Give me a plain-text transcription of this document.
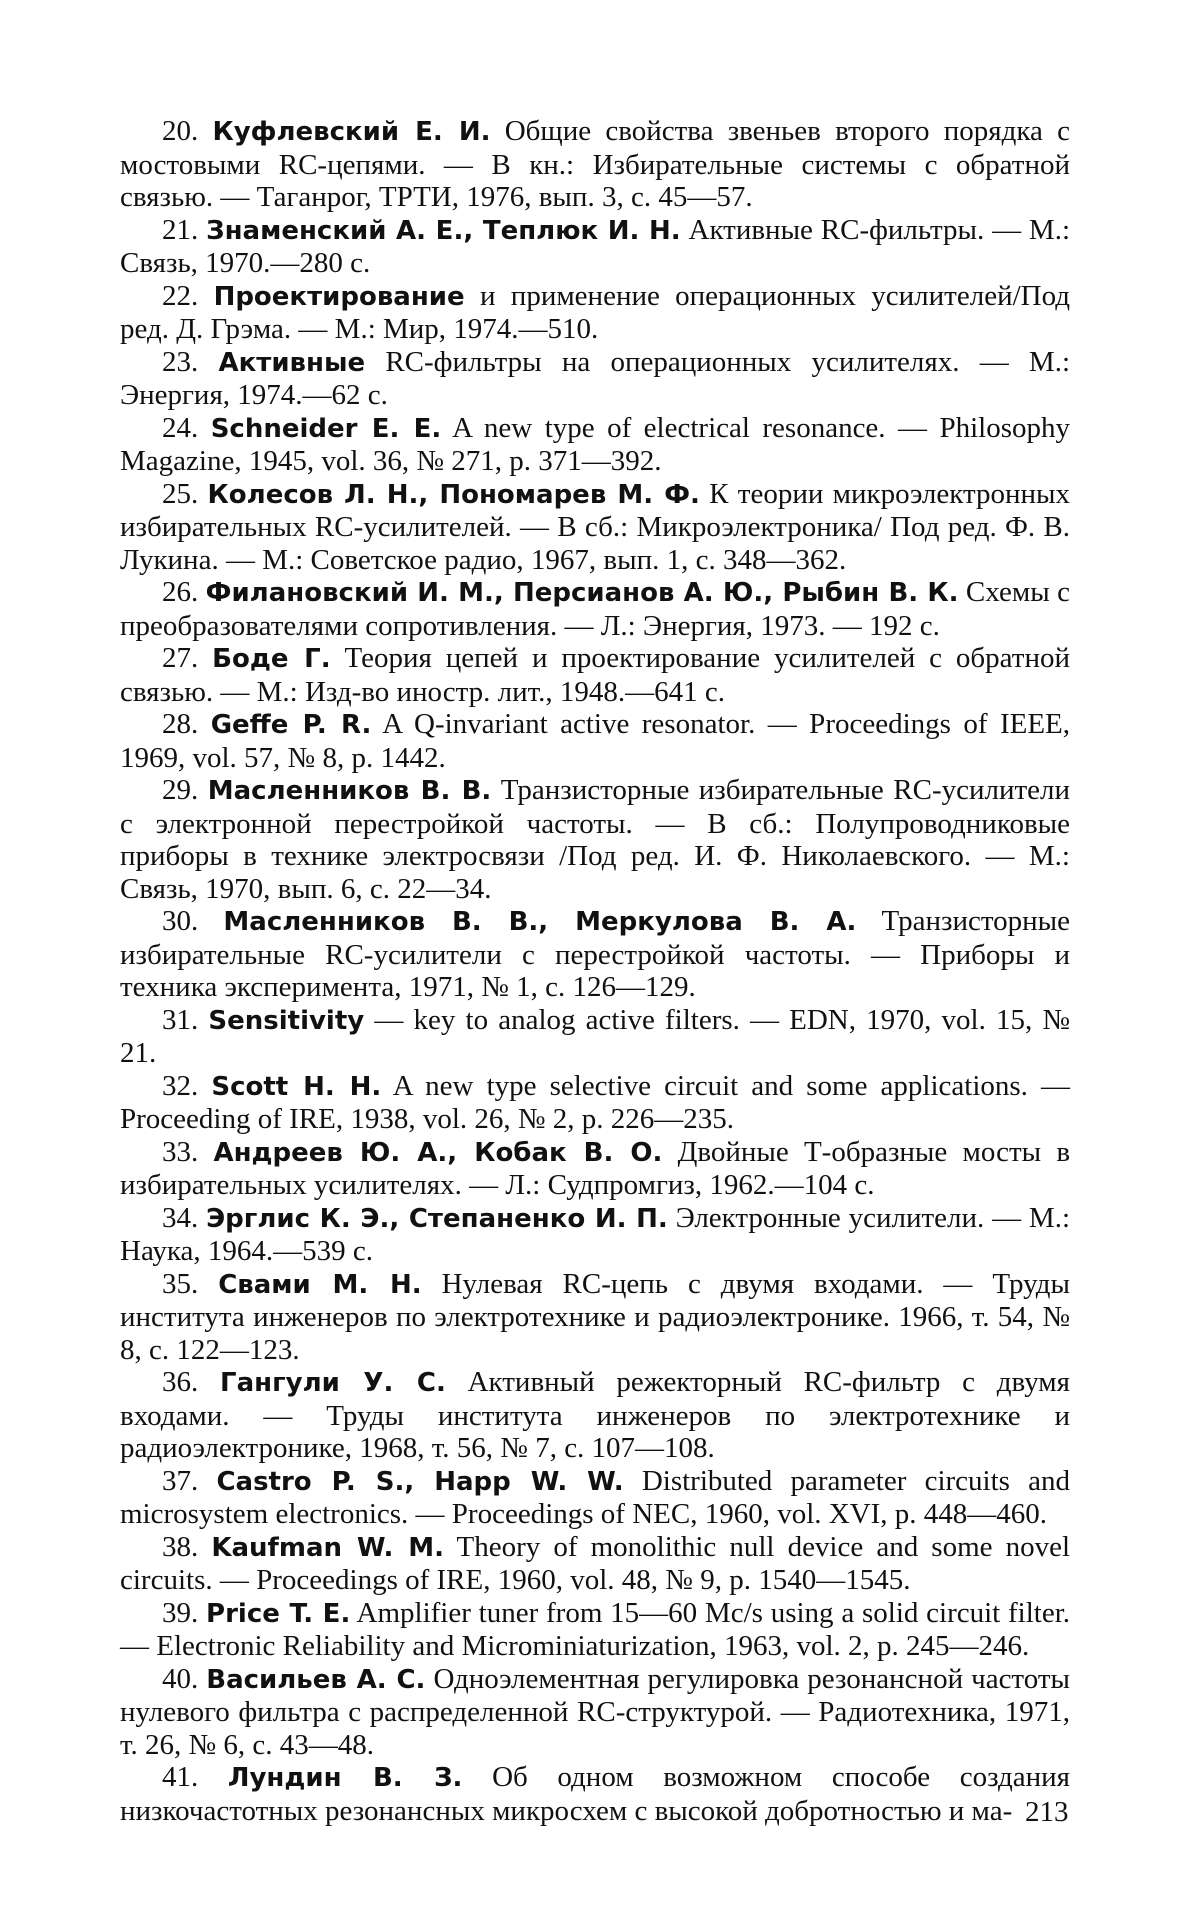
20. Куфлевский Е. И. Общие свойства звеньев второго порядка с мостовыми RC-цепями. — В кн.: Избирательные системы с обратной связью. — Таганрог, ТРТИ, 1976, вып. 3, с. 45—57.

21. Знаменский А. Е., Теплюк И. Н. Активные RC-фильтры. — М.: Связь, 1970.—280 с.

22. Проектирование и применение операционных усилителей/Под ред. Д. Грэма. — М.: Мир, 1974.—510.

23. Активные RC-фильтры на операционных усилителях. — М.: Энергия, 1974.—62 с.

24. Schneider E. E. A new type of electrical resonance. — Philosophy Magazine, 1945, vol. 36, № 271, p. 371—392.

25. Колесов Л. Н., Пономарев М. Ф. К теории микроэлектронных избирательных RC-усилителей. — В сб.: Микроэлектроника/ Под ред. Ф. В. Лукина. — М.: Советское радио, 1967, вып. 1, с. 348—362.

26. Филановский И. М., Персианов А. Ю., Рыбин В. К. Схемы с преобразователями сопротивления. — Л.: Энергия, 1973. — 192 с.

27. Боде Г. Теория цепей и проектирование усилителей с обратной связью. — М.: Изд-во иностр. лит., 1948.—641 с.

28. Geffe P. R. A Q-invariant active resonator. — Proceedings of IEEE, 1969, vol. 57, № 8, p. 1442.

29. Масленников В. В. Транзисторные избирательные RC-усилители с электронной перестройкой частоты. — В сб.: Полупроводниковые приборы в технике электросвязи /Под ред. И. Ф. Николаевского. — М.: Связь, 1970, вып. 6, с. 22—34.

30. Масленников В. В., Меркулова В. А. Транзисторные избирательные RC-усилители с перестройкой частоты. — Приборы и техника эксперимента, 1971, № 1, с. 126—129.

31. Sensitivity — key to analog active filters. — EDN, 1970, vol. 15, № 21.

32. Scott H. H. A new type selective circuit and some applications. — Proceeding of IRE, 1938, vol. 26, № 2, p. 226—235.

33. Андреев Ю. А., Кобак В. О. Двойные Т-образные мосты в избирательных усилителях. — Л.: Судпромгиз, 1962.—104 с.

34. Эрглис К. Э., Степаненко И. П. Электронные усилители. — М.: Наука, 1964.—539 с.

35. Свами М. Н. Нулевая RC-цепь с двумя входами. — Труды института инженеров по электротехнике и радиоэлектронике. 1966, т. 54, № 8, с. 122—123.

36. Гангули У. С. Активный режекторный RC-фильтр с двумя входами. — Труды института инженеров по электротехнике и радиоэлектронике, 1968, т. 56, № 7, с. 107—108.

37. Castro P. S., Happ W. W. Distributed parameter circuits and microsystem electronics. — Proceedings of NEC, 1960, vol. XVI, p. 448—460.

38. Kaufman W. M. Theory of monolithic null device and some novel circuits. — Proceedings of IRE, 1960, vol. 48, № 9, p. 1540—1545.

39. Price T. E. Amplifier tuner from 15—60 Mc/s using a solid circuit filter. — Electronic Reliability and Microminiaturization, 1963, vol. 2, p. 245—246.

40. Васильев А. С. Одноэлементная регулировка резонансной частоты нулевого фильтра с распределенной RC-структурой. — Радиотехника, 1971, т. 26, № 6, с. 43—48.

41. Лундин В. З. Об одном возможном способе создания низкочастотных резонансных микросхем с высокой добротностью и ма- 213
